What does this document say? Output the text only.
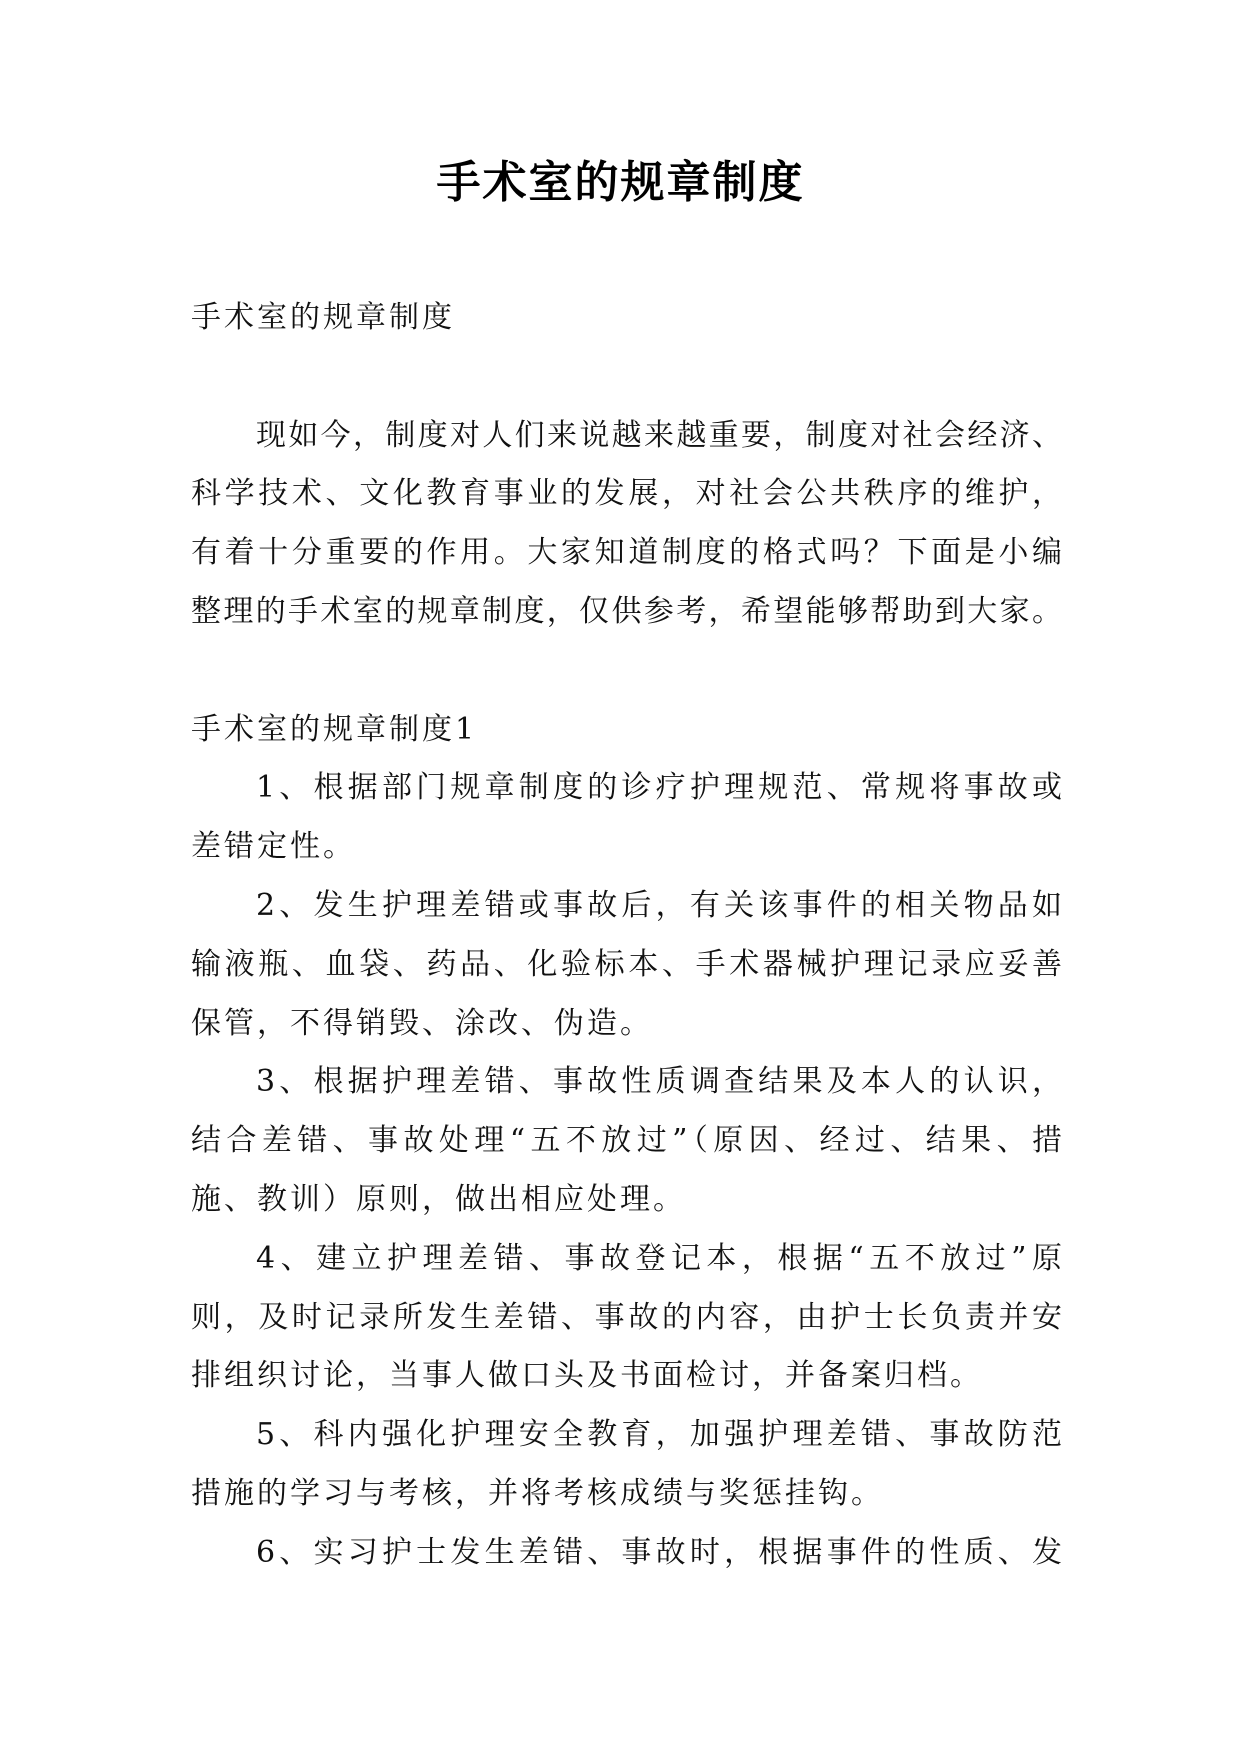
手术室的规章制度
手术室的规章制度
现如今，制度对人们来说越来越重要，制度对社会经济、
科学技术、文化教育事业的发展，对社会公共秩序的维护，
有着十分重要的作用。大家知道制度的格式吗？下面是小编
整理的手术室的规章制度，仅供参考，希望能够帮助到大家。
手术室的规章制度1
1、根据部门规章制度的诊疗护理规范、常规将事故或
差错定性。
2、发生护理差错或事故后，有关该事件的相关物品如
输液瓶、血袋、药品、化验标本、手术器械护理记录应妥善
保管，不得销毁、涂改、伪造。
3、根据护理差错、事故性质调查结果及本人的认识，
结合差错、事故处理“五不放过”（原因、经过、结果、措
施、教训）原则，做出相应处理。
4、建立护理差错、事故登记本，根据“五不放过”原
则，及时记录所发生差错、事故的内容，由护士长负责并安
排组织讨论，当事人做口头及书面检讨，并备案归档。
5、科内强化护理安全教育，加强护理差错、事故防范
措施的学习与考核，并将考核成绩与奖惩挂钩。
6、实习护士发生差错、事故时，根据事件的性质、发
